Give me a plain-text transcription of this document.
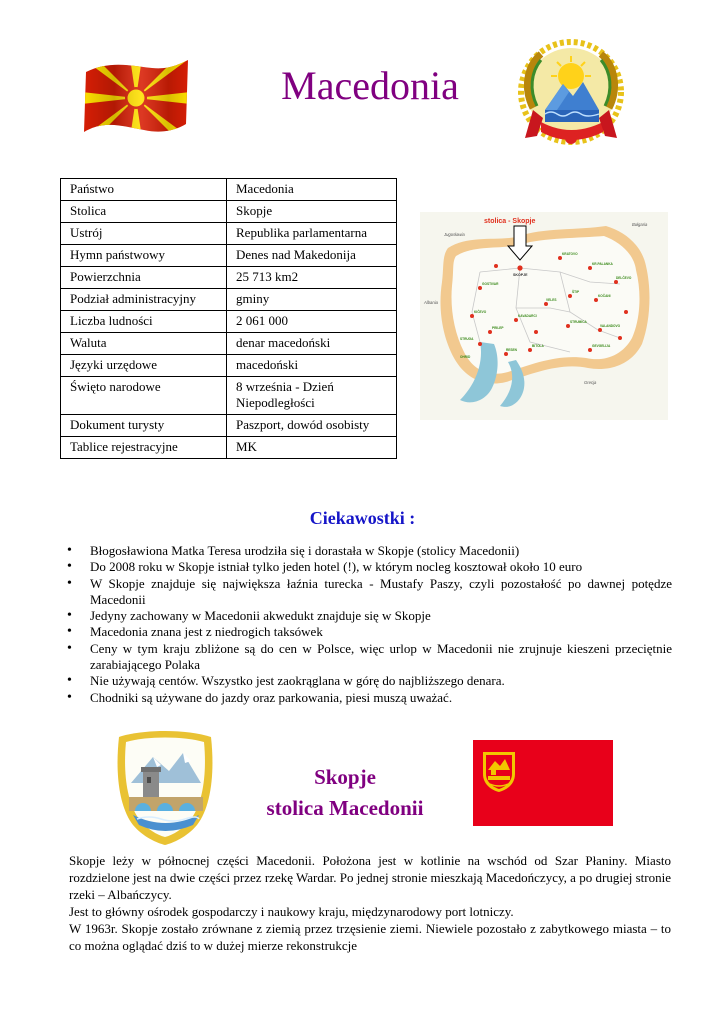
Macedonia
Państwo	Macedonia
Stolica	Skopje
Ustrój	Republika parlamentarna
Hymn państwowy	Denes nad Makedonija
Powierzchnia	25 713 km2
Podział administracyjny	gminy
Liczba ludności	2 061 000
Waluta	denar macedoński
Języki urzędowe	macedoński
Święto narodowe	8 września - Dzień Niepodległości
Dokument turysty	Paszport, dowód osobisty
Tablice rejestracyjne	MK
KRATOVO
KR.PALANKA
DELČEVO
KOČANI
ŠTIP
VELES
GOSTIVAR
KIČEVO
PRILEP
KAVADARCI
STRUMICA
VALANDOVO
GEVGELIJA
BITOLA
RESEN
STRUGA
OHRID
SKOPJE
stolica - Skopje
Jugosławia
Bułgaria
Albania
Grecja
Ciekawostki :
• Błogosławiona Matka Teresa urodziła się i dorastała w Skopje (stolicy Macedonii)
• Do 2008 roku w Skopje istniał tylko jeden hotel (!), w którym nocleg kosztował około 10 euro
• W Skopje znajduje się największa łaźnia turecka - Mustafy Paszy, czyli pozostałość po dawnej potędze Macedonii
• Jedyny zachowany w Macedonii akwedukt znajduje się w Skopje
• Macedonia znana jest z niedrogich taksówek
• Ceny w tym kraju zbliżone są do cen w Polsce, więc urlop w Macedonii nie zrujnuje kieszeni przeciętnie zarabiającego Polaka
• Nie używają centów. Wszystko jest zaokrąglana w górę do najbliższego denara.
• Chodniki są używane do jazdy oraz parkowania, piesi muszą uważać.
Skopje
stolica Macedonii

Skopje leży w północnej części Macedonii. Położona jest w kotlinie na wschód od Szar Płaniny. Miasto rozdzielone jest na dwie części przez rzekę Wardar. Po jednej stronie mieszkają Macedończycy, a po drugiej stronie rzeki – Albańczycy.

Jest to główny ośrodek gospodarczy i naukowy kraju, międzynarodowy port lotniczy.

W 1963r. Skopje zostało zrównane z ziemią przez trzęsienie ziemi. Niewiele pozostało z zabytkowego miasta – to co można oglądać dziś to w dużej mierze rekonstrukcje
